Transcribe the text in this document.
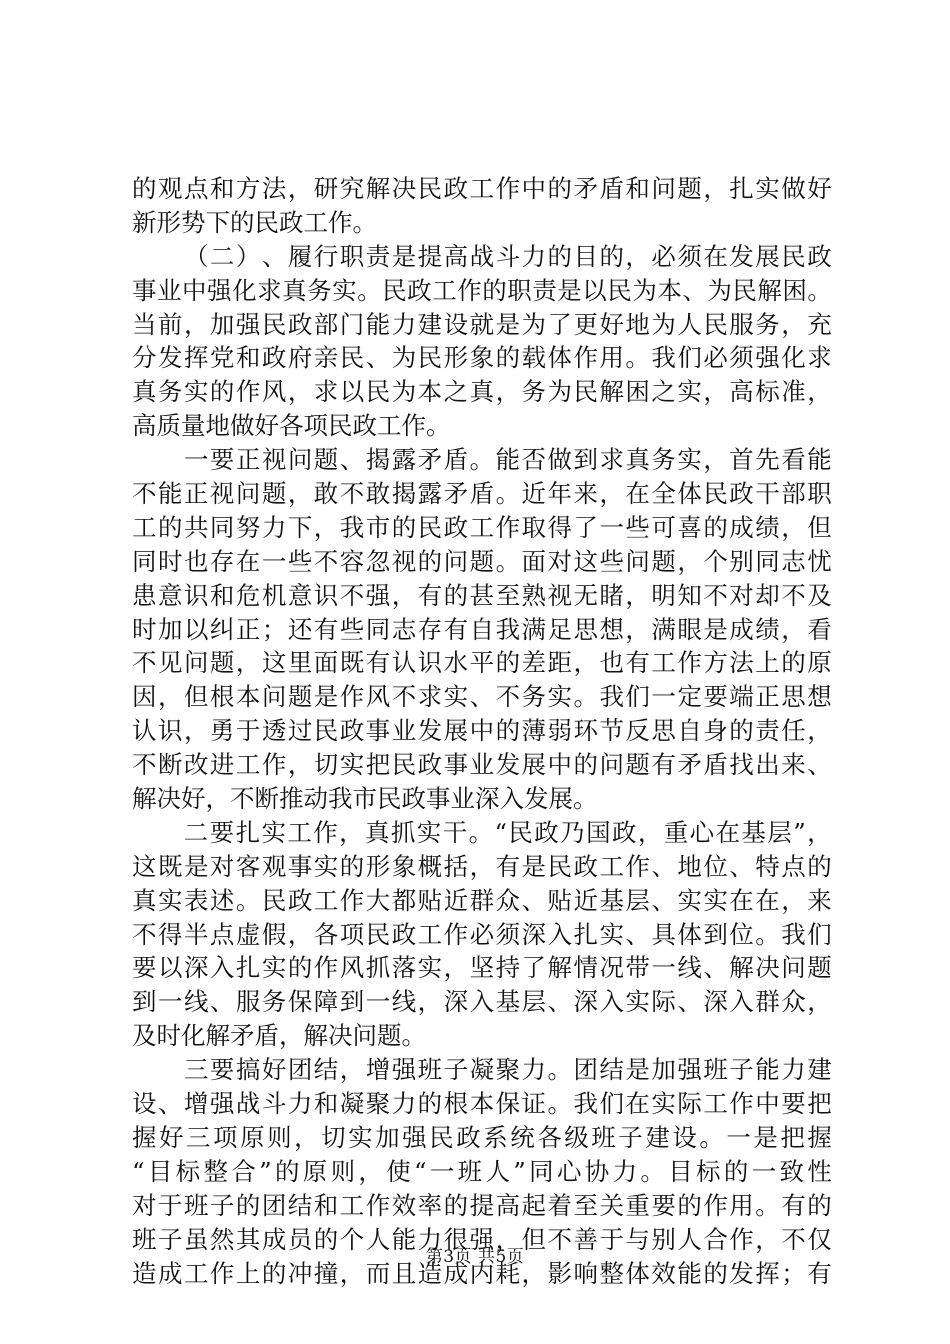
的 观 点 和 方 法 ， 研 究 解 决 民 政 工 作 中 的 矛 盾 和 问 题 ， 扎 实 做 好
新 形 势 下 的 民 政 工 作 。

（ 二 ） 、 履 行 职 责 是 提 高 战 斗 力 的 目 的 ， 必 须 在 发 展 民 政
事 业 中 强 化 求 真 务 实 。 民 政 工 作 的 职 责 是 以 民 为 本 、 为 民 解 困 。
当 前 ， 加 强 民 政 部 门 能 力 建 设 就 是 为 了 更 好 地 为 人 民 服 务 ， 充
分 发 挥 党 和 政 府 亲 民 、 为 民 形 象 的 载 体 作 用 。 我 们 必 须 强 化 求
真 务 实 的 作 风 ， 求 以 民 为 本 之 真 ， 务 为 民 解 困 之 实 ， 高 标 准 ，
高 质 量 地 做 好 各 项 民 政 工 作 。

一 要 正 视 问 题 、 揭 露 矛 盾 。 能 否 做 到 求 真 务 实 ， 首 先 看 能
不 能 正 视 问 题 ， 敢 不 敢 揭 露 矛 盾 。 近 年 来 ， 在 全 体 民 政 干 部 职
工 的 共 同 努 力 下 ， 我 市 的 民 政 工 作 取 得 了 一 些 可 喜 的 成 绩 ， 但
同 时 也 存 在 一 些 不 容 忽 视 的 问 题 。 面 对 这 些 问 题 ， 个 别 同 志 忧
患 意 识 和 危 机 意 识 不 强 ， 有 的 甚 至 熟 视 无 睹 ， 明 知 不 对 却 不 及
时 加 以 纠 正 ； 还 有 些 同 志 存 有 自 我 满 足 思 想 ， 满 眼 是 成 绩 ， 看
不 见 问 题 ， 这 里 面 既 有 认 识 水 平 的 差 距 ， 也 有 工 作 方 法 上 的 原
因 ， 但 根 本 问 题 是 作 风 不 求 实 、 不 务 实 。 我 们 一 定 要 端 正 思 想
认 识 ， 勇 于 透 过 民 政 事 业 发 展 中 的 薄 弱 环 节 反 思 自 身 的 责 任 ，
不 断 改 进 工 作 ， 切 实 把 民 政 事 业 发 展 中 的 问 题 有 矛 盾 找 出 来 、
解 决 好 ， 不 断 推 动 我 市 民 政 事 业 深 入 发 展 。

二 要 扎 实 工 作 ， 真 抓 实 干 。 “ 民 政 乃 国 政 ， 重 心 在 基 层 ” ，
这 既 是 对 客 观 事 实 的 形 象 概 括 ， 有 是 民 政 工 作 、 地 位 、 特 点 的
真 实 表 述 。 民 政 工 作 大 都 贴 近 群 众 、 贴 近 基 层 、 实 实 在 在 ， 来
不 得 半 点 虚 假 ， 各 项 民 政 工 作 必 须 深 入 扎 实 、 具 体 到 位 。 我 们
要 以 深 入 扎 实 的 作 风 抓 落 实 ， 坚 持 了 解 情 况 带 一 线 、 解 决 问 题
到 一 线 、 服 务 保 障 到 一 线 ， 深 入 基 层 、 深 入 实 际 、 深 入 群 众 ，
及 时 化 解 矛 盾 ， 解 决 问 题 。

三 要 搞 好 团 结 ， 增 强 班 子 凝 聚 力 。 团 结 是 加 强 班 子 能 力 建
设 、 增 强 战 斗 力 和 凝 聚 力 的 根 本 保 证 。 我 们 在 实 际 工 作 中 要 把
握 好 三 项 原 则 ， 切 实 加 强 民 政 系 统 各 级 班 子 建 设 。 一 是 把 握
“ 目 标 整 合 ” 的 原 则 ， 使 “ 一 班 人 ” 同 心 协 力 。 目 标 的 一 致 性
对 于 班 子 的 团 结 和 工 作 效 率 的 提 高 起 着 至 关 重 要 的 作 用 。 有 的
班 子 虽 然 其 成 员 的 个 人 能 力 很 强 ， 但 不 善 于 与 别 人 合 作 ， 不 仅
造 成 工 作 上 的 冲 撞 ， 而 且 造 成 内 耗 ， 影 响 整 体 效 能 的 发 挥 ； 有
第3页 共5页
